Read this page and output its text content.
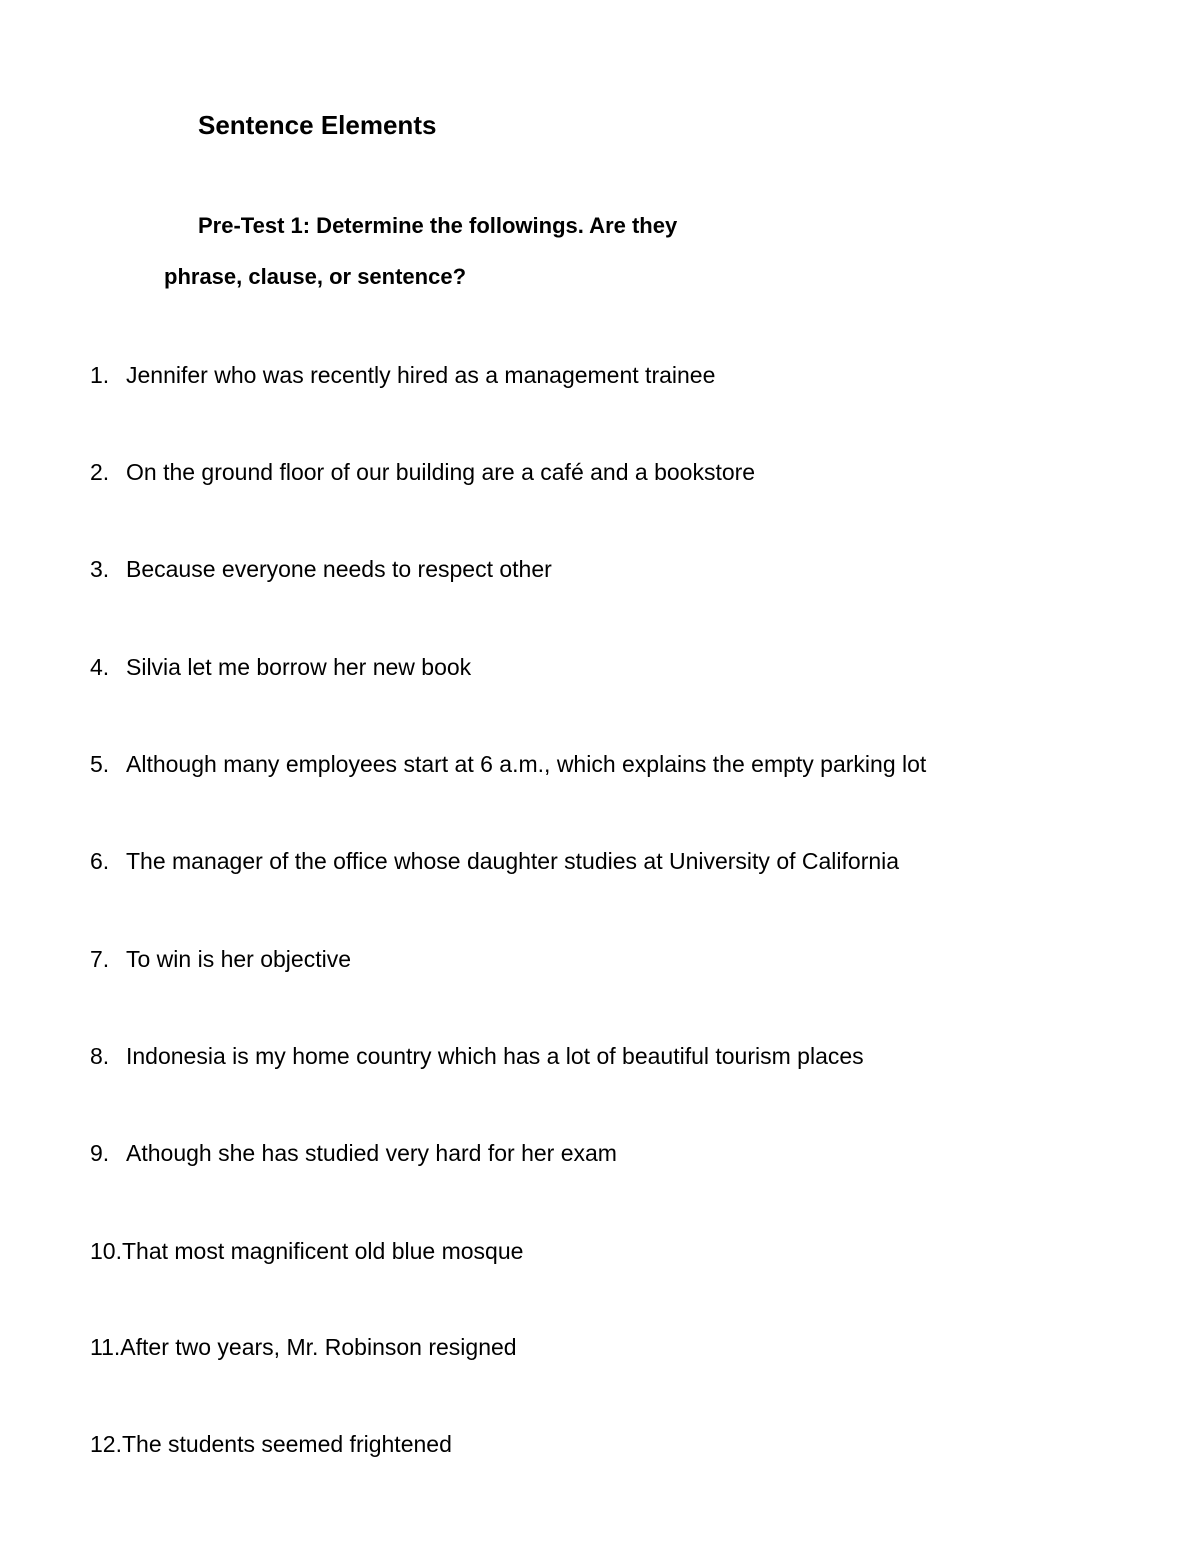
Sentence Elements
Pre-Test 1: Determine the followings. Are they
phrase, clause, or sentence?
1. Jennifer who was recently hired as a management trainee
2. On the ground floor of our building are a café and a bookstore
3. Because everyone needs to respect other
4. Silvia let me borrow her new book
5. Although many employees start at 6 a.m., which explains the empty parking lot
6. The manager of the office whose daughter studies at University of California
7. To win is her objective
8. Indonesia is my home country which has a lot of beautiful tourism places
9. Athough she has studied very hard for her exam
10.That most magnificent old blue mosque
11.After two years, Mr. Robinson resigned
12.The students seemed frightened
